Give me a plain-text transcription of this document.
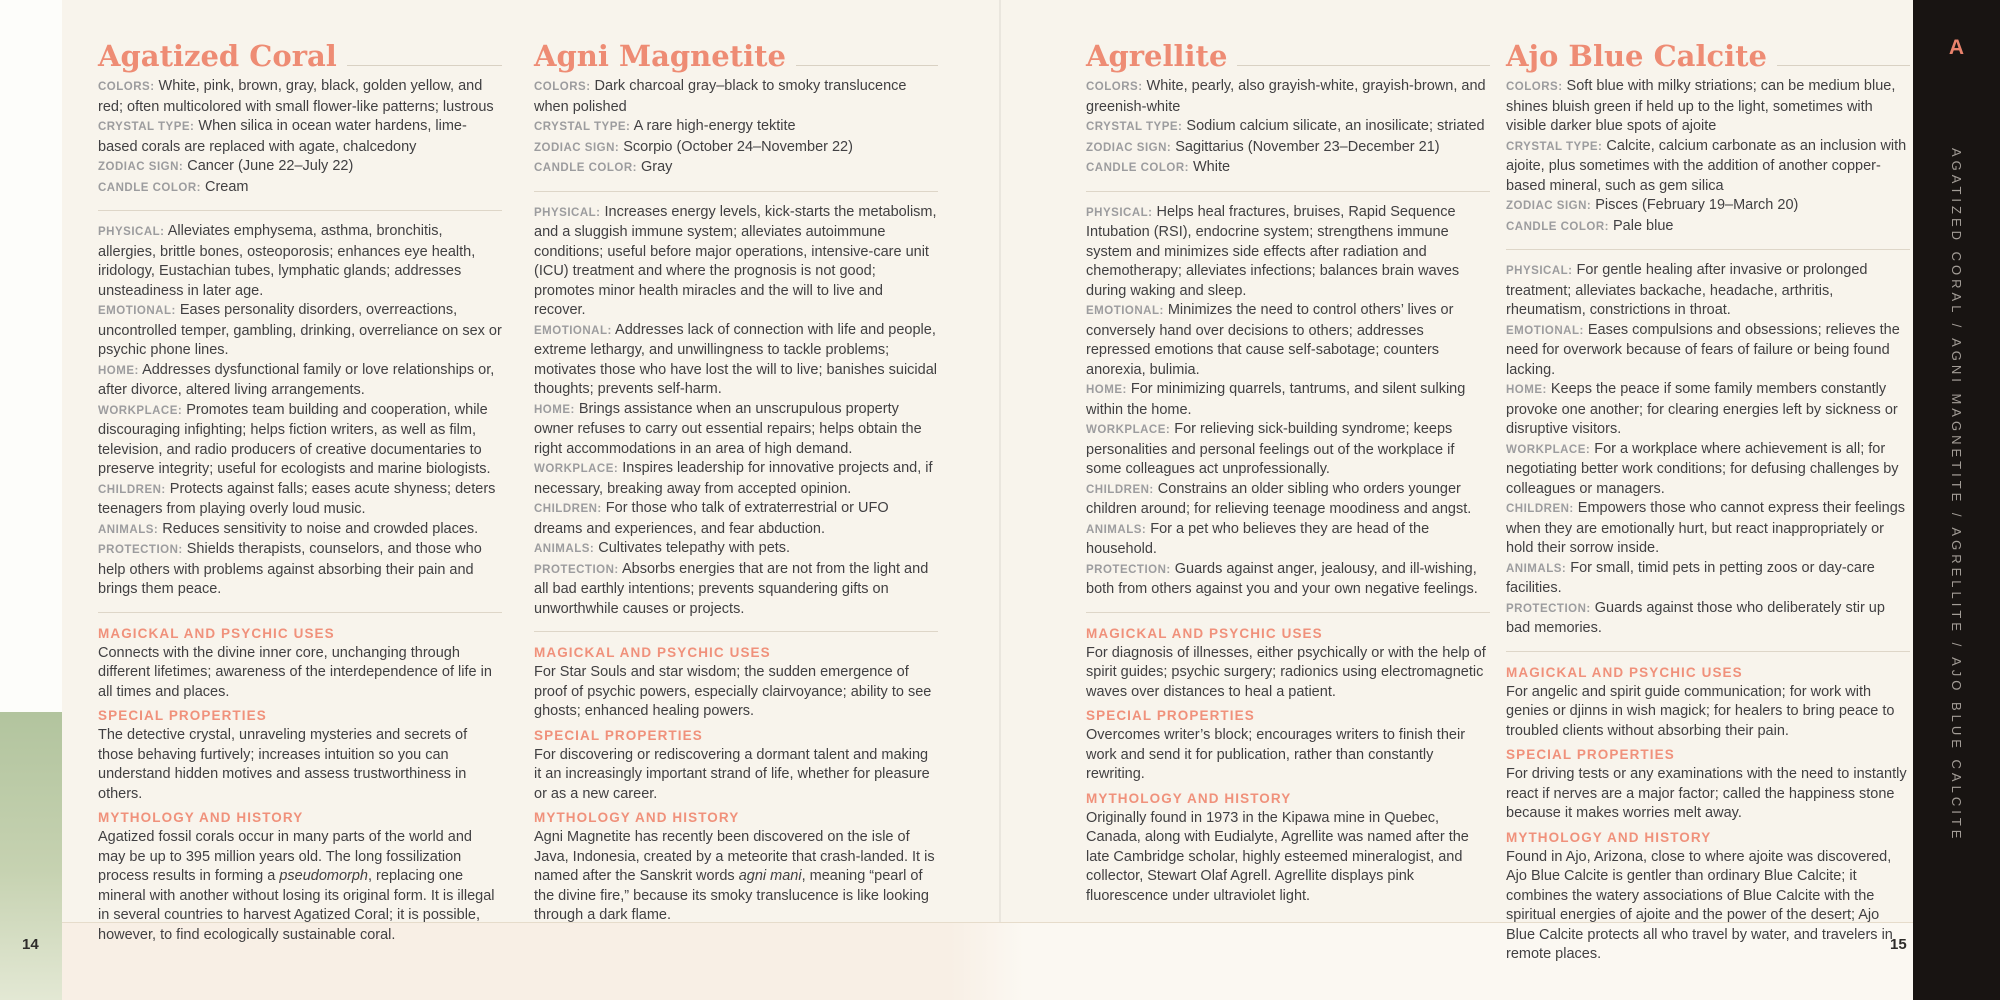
Agatized Coral

COLORS: White, pink, brown, gray, black, golden yellow, and red; often multicolored with small flower-like patterns; lustrous

CRYSTAL TYPE: When silica in ocean water hardens, lime-based corals are replaced with agate, chalcedony

ZODIAC SIGN: Cancer (June 22–July 22)

CANDLE COLOR: Cream

PHYSICAL: Alleviates emphysema, asthma, bronchitis, allergies, brittle bones, osteoporosis; enhances eye health, iridology, Eustachian tubes, lymphatic glands; addresses unsteadiness in later age.

EMOTIONAL: Eases personality disorders, overreactions, uncontrolled temper, gambling, drinking, overreliance on sex or psychic phone lines.

HOME: Addresses dysfunctional family or love relationships or, after divorce, altered living arrangements.

WORKPLACE: Promotes team building and cooperation, while discouraging infighting; helps fiction writers, as well as film, television, and radio producers of creative documentaries to preserve integrity; useful for ecologists and marine biologists.

CHILDREN: Protects against falls; eases acute shyness; deters teenagers from playing overly loud music.

ANIMALS: Reduces sensitivity to noise and crowded places.

PROTECTION: Shields therapists, counselors, and those who help others with problems against absorbing their pain and brings them peace.

MAGICKAL AND PSYCHIC USES

Connects with the divine inner core, unchanging through different lifetimes; awareness of the interdependence of life in all times and places.

SPECIAL PROPERTIES

The detective crystal, unraveling mysteries and secrets of those behaving furtively; increases intuition so you can understand hidden motives and assess trustworthiness in others.

MYTHOLOGY AND HISTORY

Agatized fossil corals occur in many parts of the world and may be up to 395 million years old. The long fossilization process results in forming a pseudomorph, replacing one mineral with another without losing its original form. It is illegal in several countries to harvest Agatized Coral; it is possible, however, to find ecologically sustainable coral.

Agni Magnetite

COLORS: Dark charcoal gray–black to smoky translucence when polished

CRYSTAL TYPE: A rare high-energy tektite

ZODIAC SIGN: Scorpio (October 24–November 22)

CANDLE COLOR: Gray

PHYSICAL: Increases energy levels, kick-starts the metabolism, and a sluggish immune system; alleviates autoimmune conditions; useful before major operations, intensive-care unit (ICU) treatment and where the prognosis is not good; promotes minor health miracles and the will to live and recover.

EMOTIONAL: Addresses lack of connection with life and people, extreme lethargy, and unwillingness to tackle problems; motivates those who have lost the will to live; banishes suicidal thoughts; prevents self-harm.

HOME: Brings assistance when an unscrupulous property owner refuses to carry out essential repairs; helps obtain the right accommodations in an area of high demand.

WORKPLACE: Inspires leadership for innovative projects and, if necessary, breaking away from accepted opinion.

CHILDREN: For those who talk of extraterrestrial or UFO dreams and experiences, and fear abduction.

ANIMALS: Cultivates telepathy with pets.

PROTECTION: Absorbs energies that are not from the light and all bad earthly intentions; prevents squandering gifts on unworthwhile causes or projects.

MAGICKAL AND PSYCHIC USES

For Star Souls and star wisdom; the sudden emergence of proof of psychic powers, especially clairvoyance; ability to see ghosts; enhanced healing powers.

SPECIAL PROPERTIES

For discovering or rediscovering a dormant talent and making it an increasingly important strand of life, whether for pleasure or as a new career.

MYTHOLOGY AND HISTORY

Agni Magnetite has recently been discovered on the isle of Java, Indonesia, created by a meteorite that crash-landed. It is named after the Sanskrit words agni mani, meaning “pearl of the divine fire,” because its smoky translucence is like looking through a dark flame.

Agrellite

COLORS: White, pearly, also grayish-white, grayish-brown, and greenish-white

CRYSTAL TYPE: Sodium calcium silicate, an inosilicate; striated

ZODIAC SIGN: Sagittarius (November 23–December 21)

CANDLE COLOR: White

PHYSICAL: Helps heal fractures, bruises, Rapid Sequence Intubation (RSI), endocrine system; strengthens immune system and minimizes side effects after radiation and chemotherapy; alleviates infections; balances brain waves during waking and sleep.

EMOTIONAL: Minimizes the need to control others’ lives or conversely hand over decisions to others; addresses repressed emotions that cause self-sabotage; counters anorexia, bulimia.

HOME: For minimizing quarrels, tantrums, and silent sulking within the home.

WORKPLACE: For relieving sick-building syndrome; keeps personalities and personal feelings out of the workplace if some colleagues act unprofessionally.

CHILDREN: Constrains an older sibling who orders younger children around; for relieving teenage moodiness and angst.

ANIMALS: For a pet who believes they are head of the household.

PROTECTION: Guards against anger, jealousy, and ill-wishing, both from others against you and your own negative feelings.

MAGICKAL AND PSYCHIC USES

For diagnosis of illnesses, either psychically or with the help of spirit guides; psychic surgery; radionics using electromagnetic waves over distances to heal a patient.

SPECIAL PROPERTIES

Overcomes writer’s block; encourages writers to finish their work and send it for publication, rather than constantly rewriting.

MYTHOLOGY AND HISTORY

Originally found in 1973 in the Kipawa mine in Quebec, Canada, along with Eudialyte, Agrellite was named after the late Cambridge scholar, highly esteemed mineralogist, and collector, Stewart Olaf Agrell. Agrellite displays pink fluorescence under ultraviolet light.

Ajo Blue Calcite

COLORS: Soft blue with milky striations; can be medium blue, shines bluish green if held up to the light, sometimes with visible darker blue spots of ajoite

CRYSTAL TYPE: Calcite, calcium carbonate as an inclusion with ajoite, plus sometimes with the addition of another copper-based mineral, such as gem silica

ZODIAC SIGN: Pisces (February 19–March 20)

CANDLE COLOR: Pale blue

PHYSICAL: For gentle healing after invasive or prolonged treatment; alleviates backache, headache, arthritis, rheumatism, constrictions in throat.

EMOTIONAL: Eases compulsions and obsessions; relieves the need for overwork because of fears of failure or being found lacking.

HOME: Keeps the peace if some family members constantly provoke one another; for clearing energies left by sickness or disruptive visitors.

WORKPLACE: For a workplace where achievement is all; for negotiating better work conditions; for defusing challenges by colleagues or managers.

CHILDREN: Empowers those who cannot express their feelings when they are emotionally hurt, but react inappropriately or hold their sorrow inside.

ANIMALS: For small, timid pets in petting zoos or day-care facilities.

PROTECTION: Guards against those who deliberately stir up bad memories.

MAGICKAL AND PSYCHIC USES

For angelic and spirit guide communication; for work with genies or djinns in wish magick; for healers to bring peace to troubled clients without absorbing their pain.

SPECIAL PROPERTIES

For driving tests or any examinations with the need to instantly react if nerves are a major factor; called the happiness stone because it makes worries melt away.

MYTHOLOGY AND HISTORY

Found in Ajo, Arizona, close to where ajoite was discovered, Ajo Blue Calcite is gentler than ordinary Blue Calcite; it combines the watery associations of Blue Calcite with the spiritual energies of ajoite and the power of the desert; Ajo Blue Calcite protects all who travel by water, and travelers in remote places.

A
AGATIZED CORAL / AGNI MAGNETITE / AGRELLITE / AJO BLUE CALCITE
14	15
